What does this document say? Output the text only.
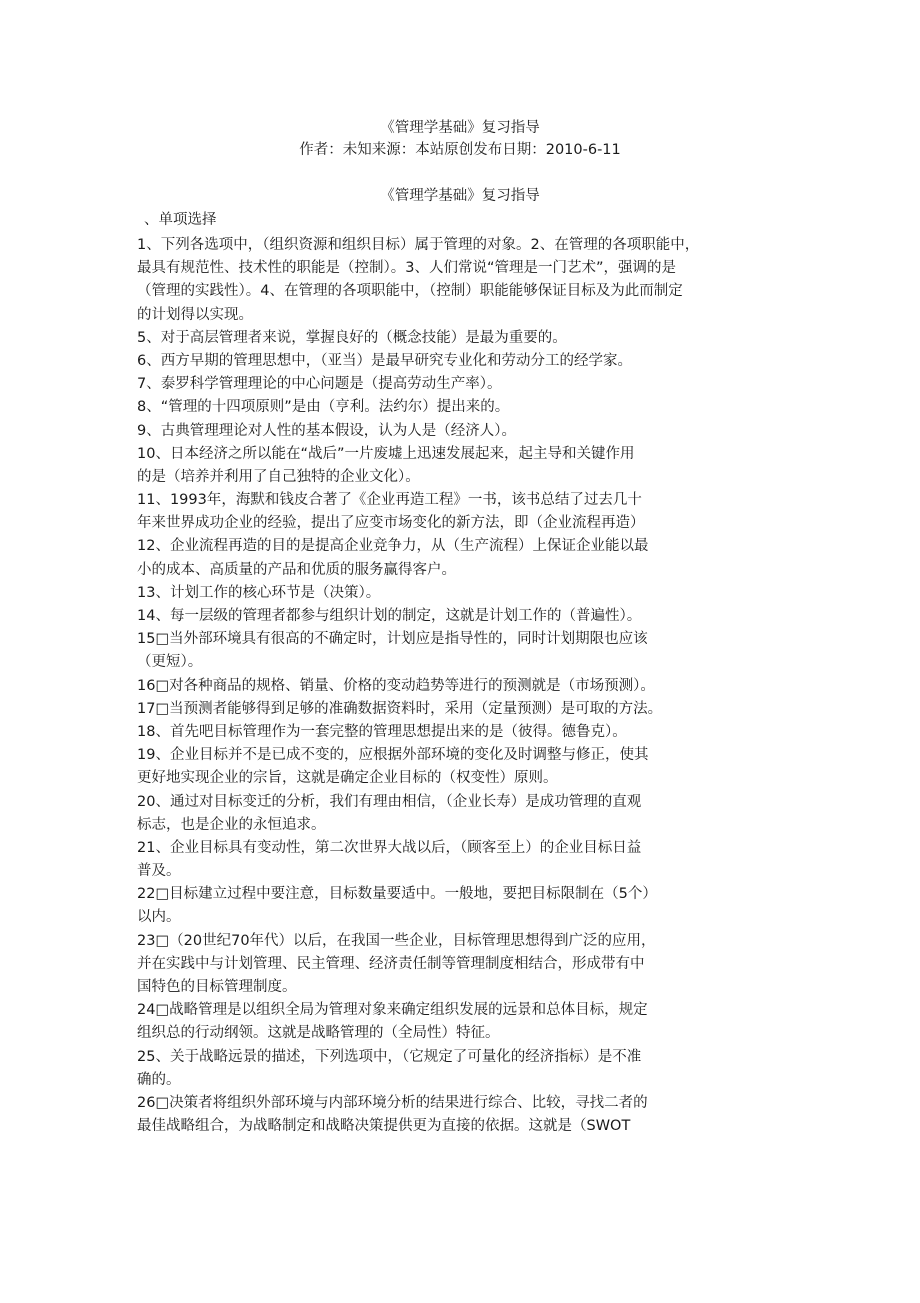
《管理学基础》复习指导
作者：未知来源：本站原创发布日期：2010-6-11
《管理学基础》复习指导
、单项选择
1、下列各选项中，（组织资源和组织目标）属于管理的对象。2、在管理的各项职能中，
最具有规范性、技术性的职能是（控制）。3、人们常说“管理是一门艺术”，强调的是
（管理的实践性）。4、在管理的各项职能中，（控制）职能能够保证目标及为此而制定
的计划得以实现。
5、对于高层管理者来说，掌握良好的（概念技能）是最为重要的。
6、西方早期的管理思想中，（亚当）是最早研究专业化和劳动分工的经学家。
7、泰罗科学管理理论的中心问题是（提高劳动生产率）。
8、“管理的十四项原则”是由（亨利。法约尔）提出来的。
9、古典管理理论对人性的基本假设，认为人是（经济人）。
10、日本经济之所以能在“战后”一片废墟上迅速发展起来，起主导和关键作用
的是（培养并利用了自己独特的企业文化）。
11、1993年，海默和钱皮合著了《企业再造工程》一书，该书总结了过去几十
年来世界成功企业的经验，提出了应变市场变化的新方法，即（企业流程再造）
12、企业流程再造的目的是提高企业竞争力，从（生产流程）上保证企业能以最
小的成本、高质量的产品和优质的服务赢得客户。
13、计划工作的核心环节是（决策）。
14、每一层级的管理者都参与组织计划的制定，这就是计划工作的（普遍性）。
15□当外部环境具有很高的不确定时，计划应是指导性的，同时计划期限也应该
（更短）。
16□对各种商品的规格、销量、价格的变动趋势等进行的预测就是（市场预测）。
17□当预测者能够得到足够的准确数据资料时，采用（定量预测）是可取的方法。
18、首先吧目标管理作为一套完整的管理思想提出来的是（彼得。德鲁克）。
19、企业目标并不是已成不变的，应根据外部环境的变化及时调整与修正，使其
更好地实现企业的宗旨，这就是确定企业目标的（权变性）原则。
20、通过对目标变迁的分析，我们有理由相信，（企业长寿）是成功管理的直观
标志，也是企业的永恒追求。
21、企业目标具有变动性，第二次世界大战以后，（顾客至上）的企业目标日益
普及。
22□目标建立过程中要注意，目标数量要适中。一般地，要把目标限制在（5个）
以内。
23□（20世纪70年代）以后，在我国一些企业，目标管理思想得到广泛的应用，
并在实践中与计划管理、民主管理、经济责任制等管理制度相结合，形成带有中
国特色的目标管理制度。
24□战略管理是以组织全局为管理对象来确定组织发展的远景和总体目标，规定
组织总的行动纲领。这就是战略管理的（全局性）特征。
25、关于战略远景的描述，下列选项中，（它规定了可量化的经济指标）是不准
确的。
26□决策者将组织外部环境与内部环境分析的结果进行综合、比较，寻找二者的
最佳战略组合，为战略制定和战略决策提供更为直接的依据。这就是（SWOT
